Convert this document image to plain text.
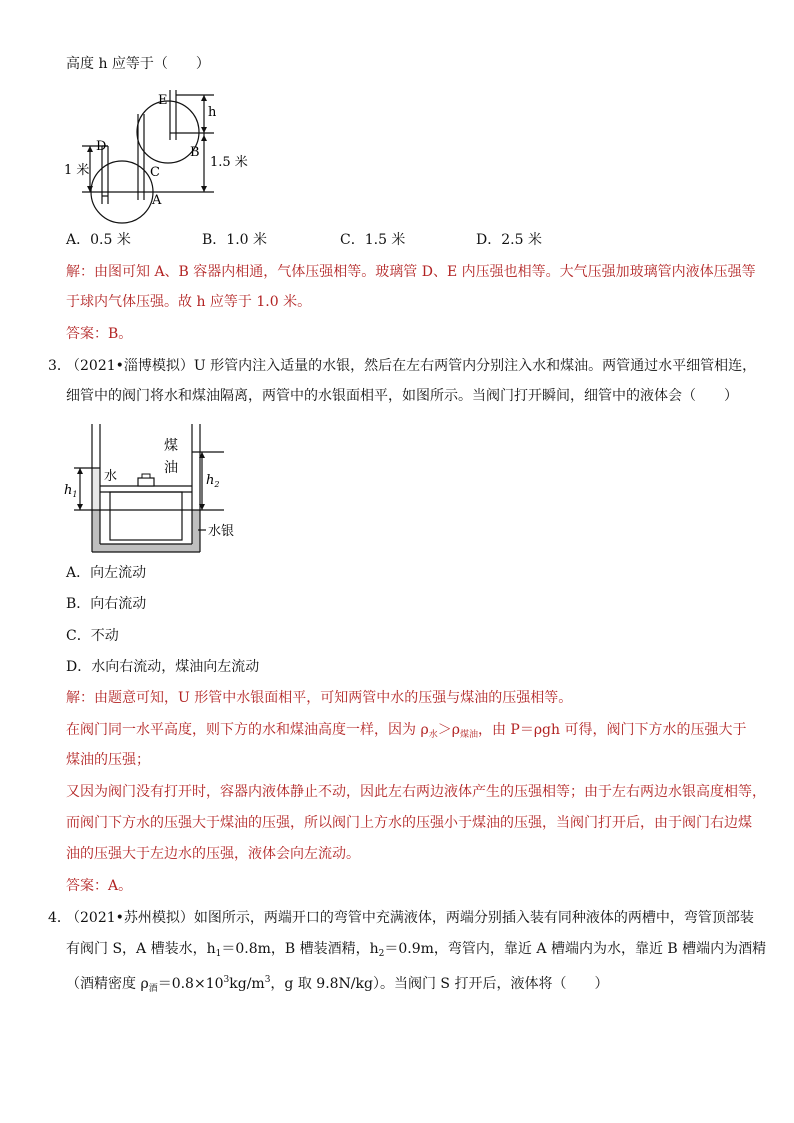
高度 h 应等于（　　）
E
h
D
C
B
A
1 米
1.5 米
A．0.5 米	B．1.0 米	C．1.5 米	D．2.5 米
解：由图可知 A、B 容器内相通，气体压强相等。玻璃管 D、E 内压强也相等。大气压强加玻璃管内液体压强等
于球内气体压强。故 h 应等于 1.0 米。
答案：B。
3．
（2021•淄博模拟）U 形管内注入适量的水银，然后在左右两管内分别注入水和煤油。两管通过水平细管相连，
细管中的阀门将水和煤油隔离，两管中的水银面相平，如图所示。当阀门打开瞬间，细管中的液体会（　　）
水
煤
油
水银
$h_1$
$h_2$
A．向左流动
B．向右流动
C．不动
D．水向右流动，煤油向左流动
解：由题意可知，U 形管中水银面相平，可知两管中水的压强与煤油的压强相等。
在阀门同一水平高度，则下方的水和煤油高度一样，因为 $\rho_水>\rho_{煤油}$，由 P＝ρgh 可得，阀门下方水的压强大于
煤油的压强；
又因为阀门没有打开时，容器内液体静止不动，因此左右两边液体产生的压强相等；由于左右两边水银高度相等，
而阀门下方水的压强大于煤油的压强，所以阀门上方水的压强小于煤油的压强，当阀门打开后，由于阀门右边煤
油的压强大于左边水的压强，液体会向左流动。
答案：A。
4．
（2021•苏州模拟）如图所示，两端开口的弯管中充满液体，两端分别插入装有同种液体的两槽中，弯管顶部装
有阀门 S，A 槽装水，$h_1=0.8m$，B 槽装酒精，$h_2=0.9m$，弯管内，靠近 A 槽端内为水，靠近 B 槽端内为酒精
（酒精密度 $\rho_酒=0.8\times 10^3kg/m^3$，g 取 9.8N/kg）。当阀门 S 打开后，液体将（　　）
